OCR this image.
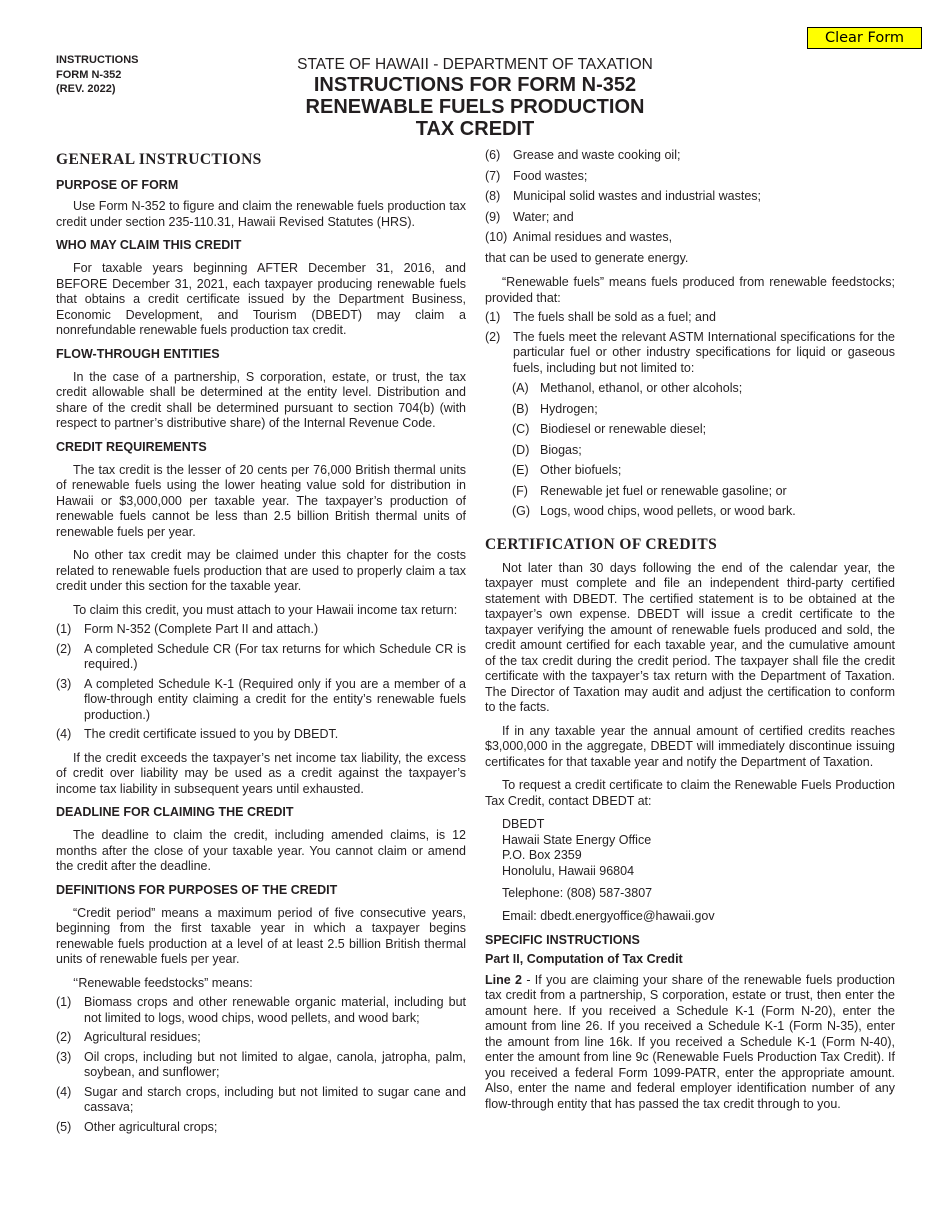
Clear Form
INSTRUCTIONS
FORM N-352
(REV. 2022)
STATE OF HAWAII - DEPARTMENT OF TAXATION
INSTRUCTIONS FOR FORM N-352
RENEWABLE FUELS PRODUCTION
TAX CREDIT
GENERAL INSTRUCTIONS
PURPOSE OF FORM

Use Form N-352 to figure and claim the renewable fuels production tax credit under section 235-110.31, Hawaii Revised Statutes (HRS).

WHO MAY CLAIM THIS CREDIT

For taxable years beginning AFTER December 31, 2016, and BEFORE December 31, 2021, each taxpayer producing renewable fuels that obtains a credit certificate issued by the Department Business, Economic Development, and Tourism (DBEDT) may claim a nonrefundable renewable fuels production tax credit.

FLOW-THROUGH ENTITIES

In the case of a partnership, S corporation, estate, or trust, the tax credit allowable shall be determined at the entity level. Distribution and share of the credit shall be determined pursuant to section 704(b) (with respect to partner’s distributive share) of the Internal Revenue Code.

CREDIT REQUIREMENTS

The tax credit is the lesser of 20 cents per 76,000 British thermal units of renewable fuels using the lower heating value sold for distribution in Hawaii or $3,000,000 per taxable year. The taxpayer’s production of renewable fuels cannot be less than 2.5 billion British thermal units of renewable fuels per year.

No other tax credit may be claimed under this chapter for the costs related to renewable fuels production that are used to properly claim a tax credit under this section for the taxable year.

To claim this credit, you must attach to your Hawaii income tax return:

(1) Form N-352 (Complete Part II and attach.)
(2) A completed Schedule CR (For tax returns for which Schedule CR is required.)
(3) A completed Schedule K-1 (Required only if you are a member of a flow-through entity claiming a credit for the entity’s renewable fuels production.)
(4) The credit certificate issued to you by DBEDT.

If the credit exceeds the taxpayer’s net income tax liability, the excess of credit over liability may be used as a credit against the taxpayer’s income tax liability in subsequent years until exhausted.

DEADLINE FOR CLAIMING THE CREDIT

The deadline to claim the credit, including amended claims, is 12 months after the close of your taxable year. You cannot claim or amend the credit after the deadline.

DEFINITIONS FOR PURPOSES OF THE CREDIT

“Credit period” means a maximum period of five consecutive years, beginning from the first taxable year in which a taxpayer begins renewable fuels production at a level of at least 2.5 billion British thermal units of renewable fuels per year.

‘‘Renewable feedstocks” means:

(1) Biomass crops and other renewable organic material, including but not limited to logs, wood chips, wood pellets, and wood bark;
(2) Agricultural residues;
(3) Oil crops, including but not limited to algae, canola, jatropha, palm, soybean, and sunflower;
(4) Sugar and starch crops, including but not limited to sugar cane and cassava;
(5) Other agricultural crops;
(6) Grease and waste cooking oil;
(7) Food wastes;
(8) Municipal solid wastes and industrial wastes;
(9) Water; and
(10) Animal residues and wastes,

that can be used to generate energy.

“Renewable fuels” means fuels produced from renewable feedstocks; provided that:

(1) The fuels shall be sold as a fuel; and
(2) The fuels meet the relevant ASTM International specifications for the particular fuel or other industry specifications for liquid or gaseous fuels, including but not limited to:
(A) Methanol, ethanol, or other alcohols;
(B) Hydrogen;
(C) Biodiesel or renewable diesel;
(D) Biogas;
(E) Other biofuels;
(F) Renewable jet fuel or renewable gasoline; or
(G) Logs, wood chips, wood pellets, or wood bark.
CERTIFICATION OF CREDITS

Not later than 30 days following the end of the calendar year, the taxpayer must complete and file an independent third-party certified statement with DBEDT. The certified statement is to be obtained at the taxpayer’s own expense. DBEDT will issue a credit certificate to the taxpayer verifying the amount of renewable fuels produced and sold, the credit amount certified for each taxable year, and the cumulative amount of the tax credit during the credit period. The taxpayer shall file the credit certificate with the taxpayer’s tax return with the Department of Taxation. The Director of Taxation may audit and adjust the certification to conform to the facts.

If in any taxable year the annual amount of certified credits reaches $3,000,000 in the aggregate, DBEDT will immediately discontinue issuing certificates for that taxable year and notify the Department of Taxation.

To request a credit certificate to claim the Renewable Fuels Production Tax Credit, contact DBEDT at:

DBEDT
Hawaii State Energy Office
P.O. Box 2359
Honolulu, Hawaii 96804

Telephone: (808) 587-3807

Email: dbedt.energyoffice@hawaii.gov

SPECIFIC INSTRUCTIONS
Part II, Computation of Tax Credit

Line 2 - If you are claiming your share of the renewable fuels production tax credit from a partnership, S corporation, estate or trust, then enter the amount here. If you received a Schedule K-1 (Form N-20), enter the amount from line 26. If you received a Schedule K-1 (Form N-35), enter the amount from line 16k. If you received a Schedule K-1 (Form N-40), enter the amount from line 9c (Renewable Fuels Production Tax Credit). If you received a federal Form 1099-PATR, enter the appropriate amount. Also, enter the name and federal employer identification number of any flow-through entity that has passed the tax credit through to you.
